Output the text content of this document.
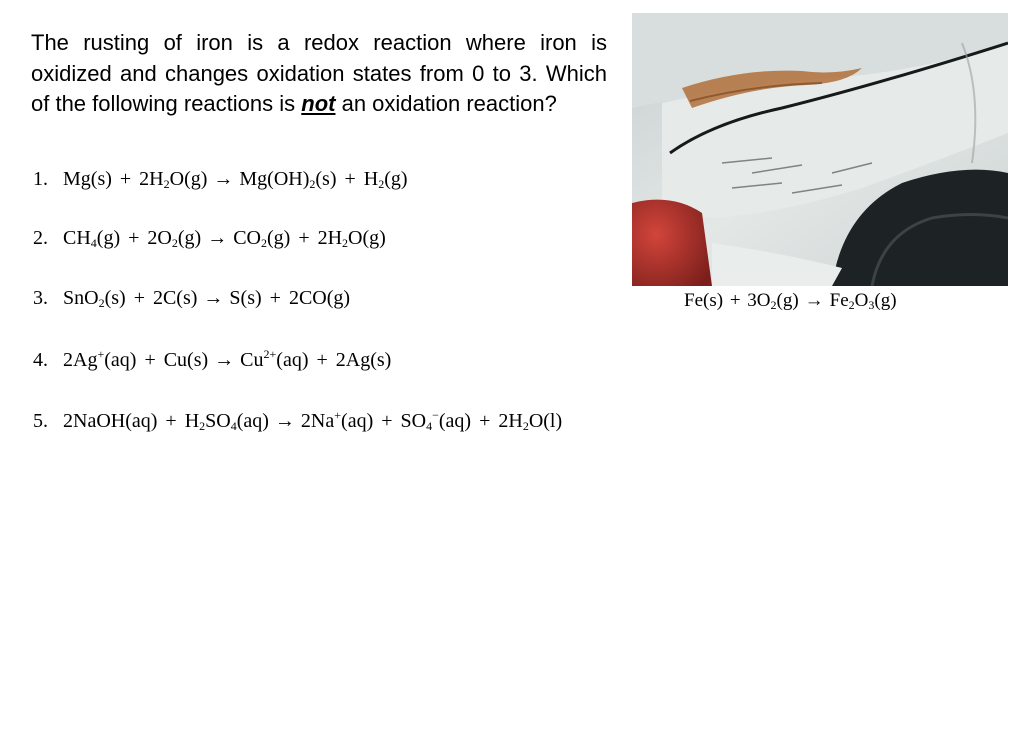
The rusting of iron is a redox reaction where iron is oxidized and changes oxidation states from 0 to 3. Which of the following reactions is not an oxidation reaction?

1. $Mg(s) + 2H_2O(g) \to Mg(OH)_2(s) + H_2(g)$
2. $CH_4(g) + 2O_2(g) \to CO_2(g) + 2H_2O(g)$
3. SnO$_2$(s) + 2C(s) → S(s) + 2CO(g)
4. $2Ag^+(aq) + Cu(s) \to Cu^{2+}(aq) + 2Ag(s)$
5. 2NaOH(aq) + $H_2SO_4(aq) \to 2Na^+(aq) + SO_4^-(aq) + 2H_2O(l)$
$Fe(s) + 3O_2(g) \to Fe_2O_3(g)$
